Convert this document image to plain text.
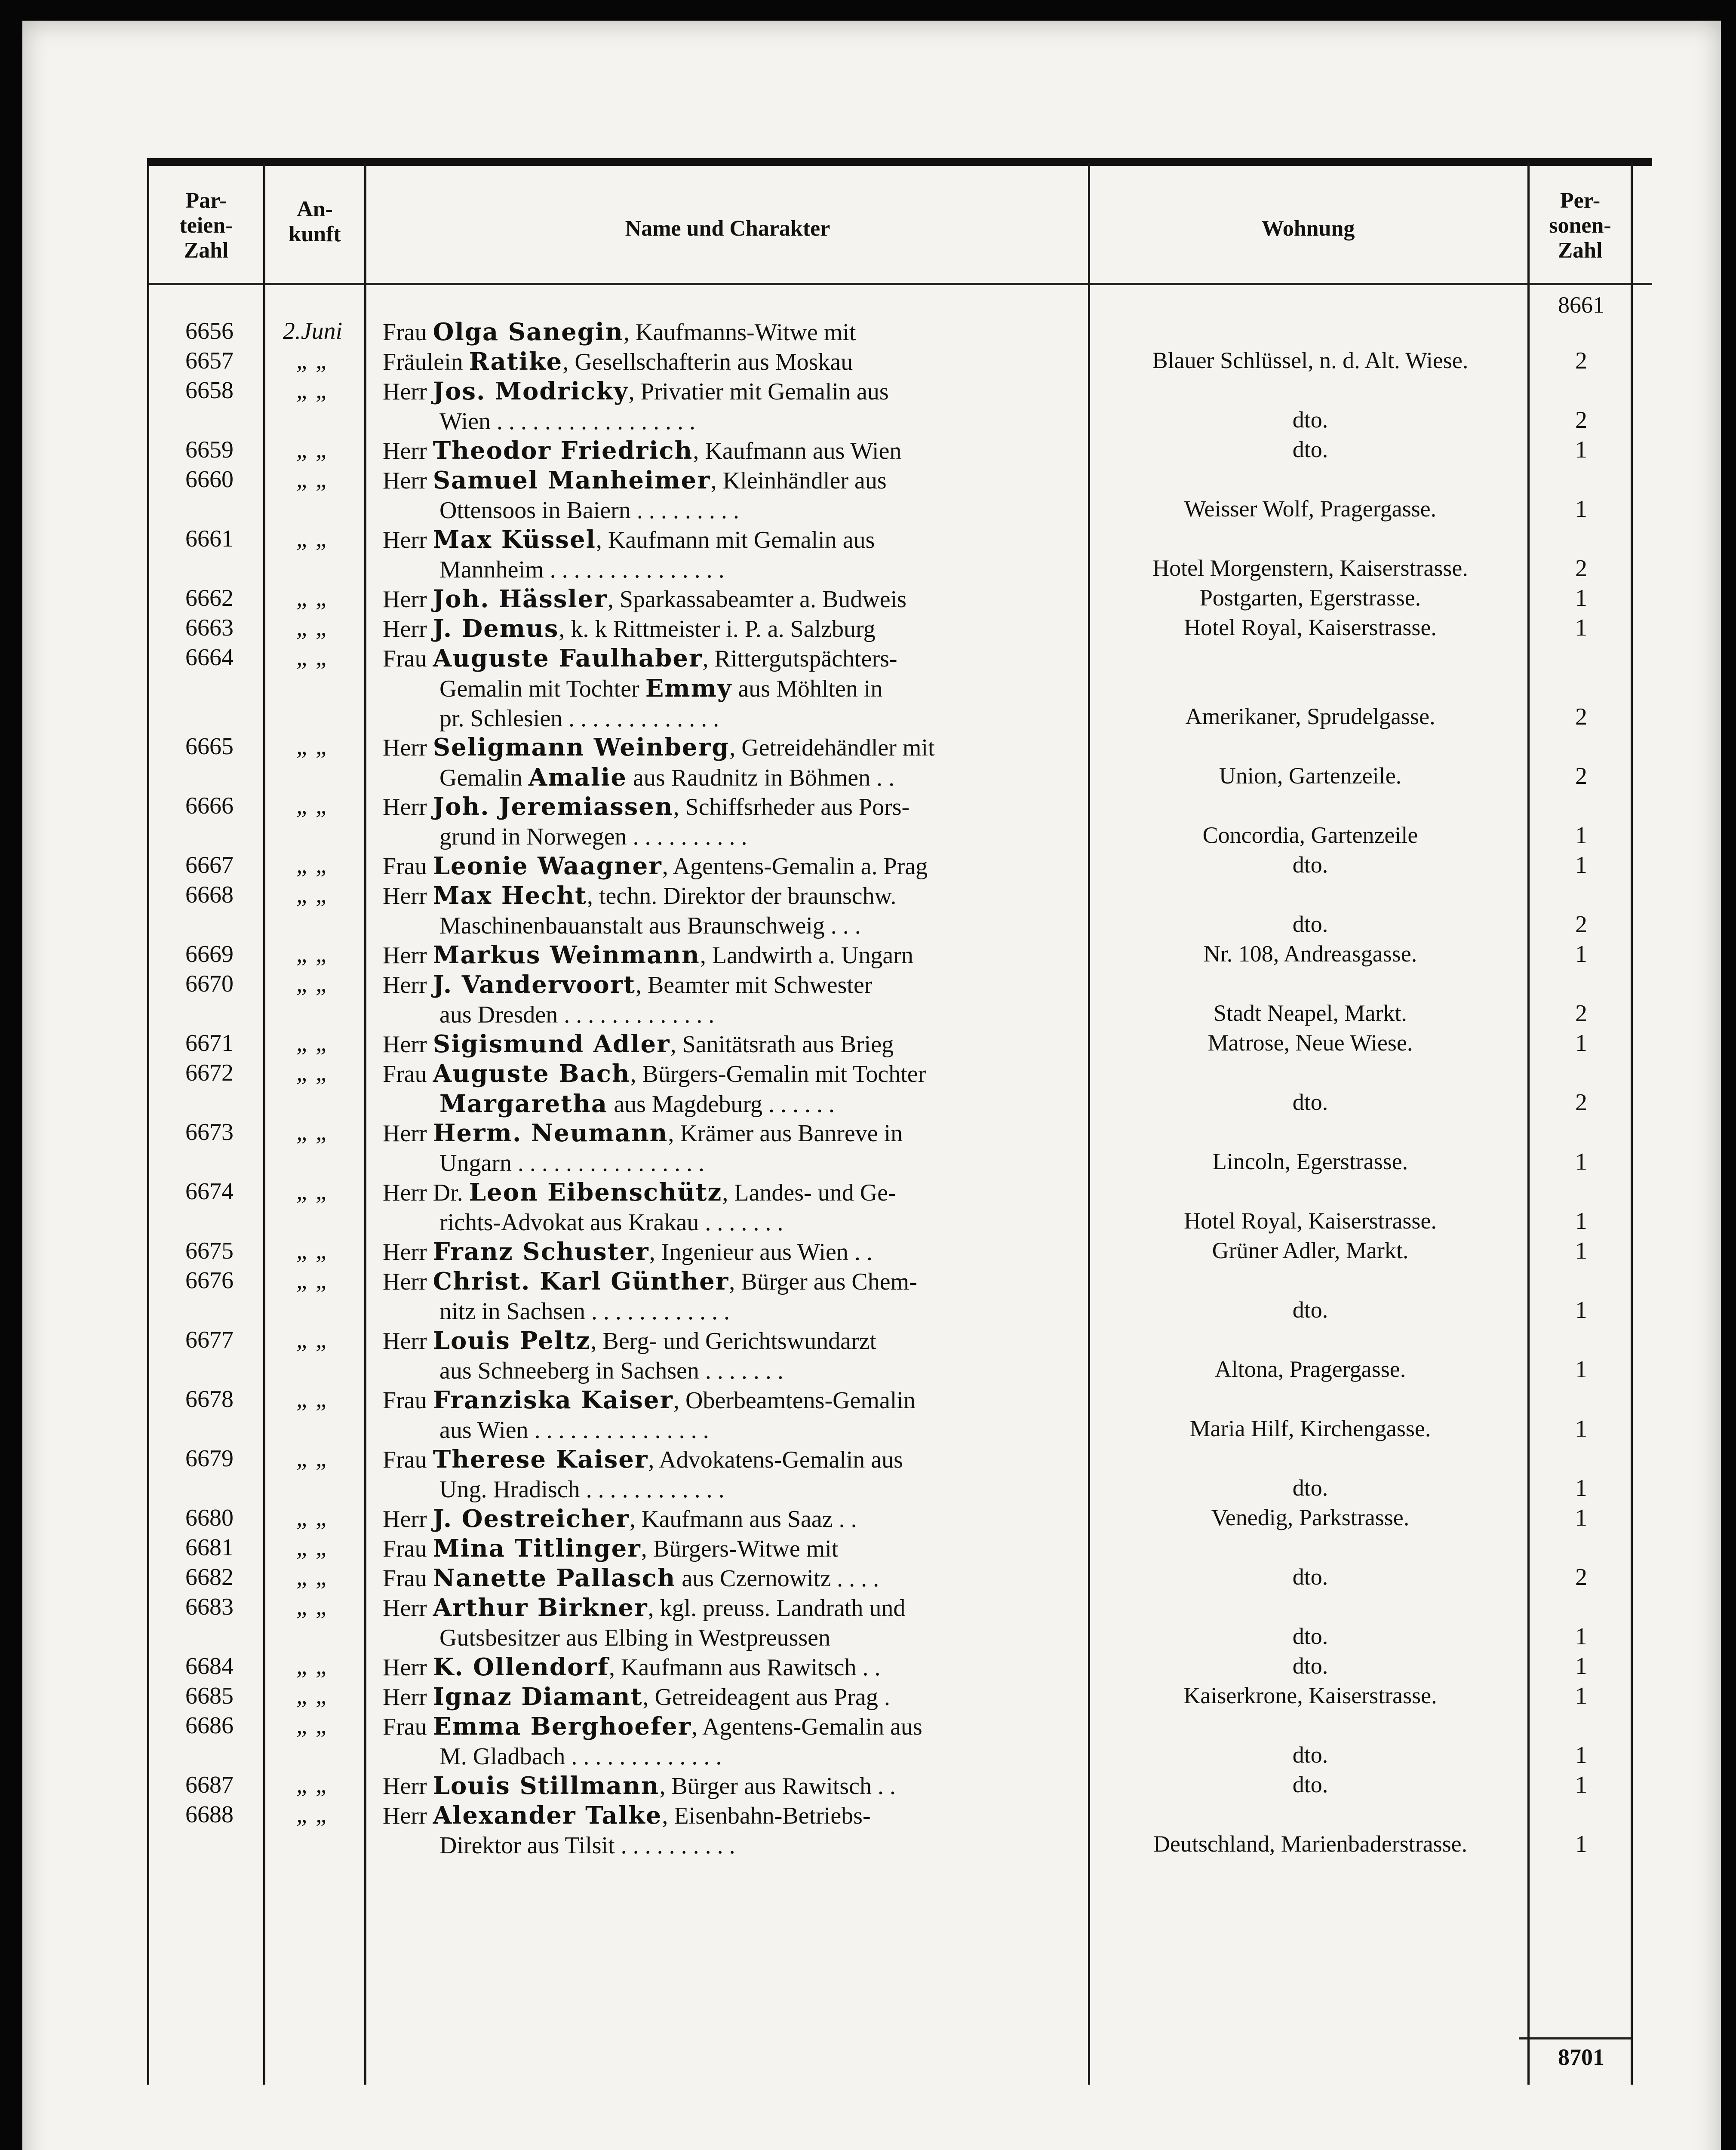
Par-
teien-
Zahl
An-
kunft	Name und Charakter	Wohnung
Per-
sonen-
Zahl
8661
6656	2.Juni	Frau Olga Sanegin, Kaufmanns-Witwe mit
6657	„ „	Fräulein Ratike, Gesellschafterin aus Moskau	Blauer Schlüssel, n. d. Alt. Wiese.	2
6658	„ „	Herr Jos. Modricky, Privatier mit Gemalin aus
Wien . . . . . . . . . . . . . . . . .	dto.	2
6659	„ „	Herr Theodor Friedrich, Kaufmann aus Wien	dto.	1
6660	„ „	Herr Samuel Manheimer, Kleinhändler aus
Ottensoos in Baiern . . . . . . . . .	Weisser Wolf, Pragergasse.	1
6661	„ „	Herr Max Küssel, Kaufmann mit Gemalin aus
Mannheim . . . . . . . . . . . . . . .	Hotel Morgenstern, Kaiserstrasse.	2
6662	„ „	Herr Joh. Hässler, Sparkassabeamter a. Budweis	Postgarten, Egerstrasse.	1
6663	„ „	Herr J. Demus, k. k Rittmeister i. P. a. Salzburg	Hotel Royal, Kaiserstrasse.	1
6664	„ „	Frau Auguste Faulhaber, Rittergutspächters-
Gemalin mit Tochter Emmy aus Möhlten in
pr. Schlesien . . . . . . . . . . . . .	Amerikaner, Sprudelgasse.	2
6665	„ „	Herr Seligmann Weinberg, Getreidehändler mit
Gemalin Amalie aus Raudnitz in Böhmen . .	Union, Gartenzeile.	2
6666	„ „	Herr Joh. Jeremiassen, Schiffsrheder aus Pors-
grund in Norwegen . . . . . . . . . .	Concordia, Gartenzeile	1
6667	„ „	Frau Leonie Waagner, Agentens-Gemalin a. Prag	dto.	1
6668	„ „	Herr Max Hecht, techn. Direktor der braunschw.
Maschinenbauanstalt aus Braunschweig . . .	dto.	2
6669	„ „	Herr Markus Weinmann, Landwirth a. Ungarn	Nr. 108, Andreasgasse.	1
6670	„ „	Herr J. Vandervoort, Beamter mit Schwester
aus Dresden . . . . . . . . . . . . .	Stadt Neapel, Markt.	2
6671	„ „	Herr Sigismund Adler, Sanitätsrath aus Brieg	Matrose, Neue Wiese.	1
6672	„ „	Frau Auguste Bach, Bürgers-Gemalin mit Tochter
Margaretha aus Magdeburg . . . . . .	dto.	2
6673	„ „	Herr Herm. Neumann, Krämer aus Banreve in
Ungarn . . . . . . . . . . . . . . . .	Lincoln, Egerstrasse.	1
6674	„ „	Herr Dr. Leon Eibenschütz, Landes- und Ge-
richts-Advokat aus Krakau . . . . . . .	Hotel Royal, Kaiserstrasse.	1
6675	„ „	Herr Franz Schuster, Ingenieur aus Wien . .	Grüner Adler, Markt.	1
6676	„ „	Herr Christ. Karl Günther, Bürger aus Chem-
nitz in Sachsen . . . . . . . . . . . .	dto.	1
6677	„ „	Herr Louis Peltz, Berg- und Gerichtswundarzt
aus Schneeberg in Sachsen . . . . . . .	Altona, Pragergasse.	1
6678	„ „	Frau Franziska Kaiser, Oberbeamtens-Gemalin
aus Wien . . . . . . . . . . . . . . .	Maria Hilf, Kirchengasse.	1
6679	„ „	Frau Therese Kaiser, Advokatens-Gemalin aus
Ung. Hradisch . . . . . . . . . . . .	dto.	1
6680	„ „	Herr J. Oestreicher, Kaufmann aus Saaz . .	Venedig, Parkstrasse.	1
6681	„ „	Frau Mina Titlinger, Bürgers-Witwe mit
6682	„ „	Frau Nanette Pallasch aus Czernowitz . . . .	dto.	2
6683	„ „	Herr Arthur Birkner, kgl. preuss. Landrath und
Gutsbesitzer aus Elbing in Westpreussen	dto.	1
6684	„ „	Herr K. Ollendorf, Kaufmann aus Rawitsch . .	dto.	1
6685	„ „	Herr Ignaz Diamant, Getreideagent aus Prag .	Kaiserkrone, Kaiserstrasse.	1
6686	„ „	Frau Emma Berghoefer, Agentens-Gemalin aus
M. Gladbach . . . . . . . . . . . . .	dto.	1
6687	„ „	Herr Louis Stillmann, Bürger aus Rawitsch . .	dto.	1
6688	„ „	Herr Alexander Talke, Eisenbahn-Betriebs-
Direktor aus Tilsit . . . . . . . . . .	Deutschland, Marienbaderstrasse.	1
8701
